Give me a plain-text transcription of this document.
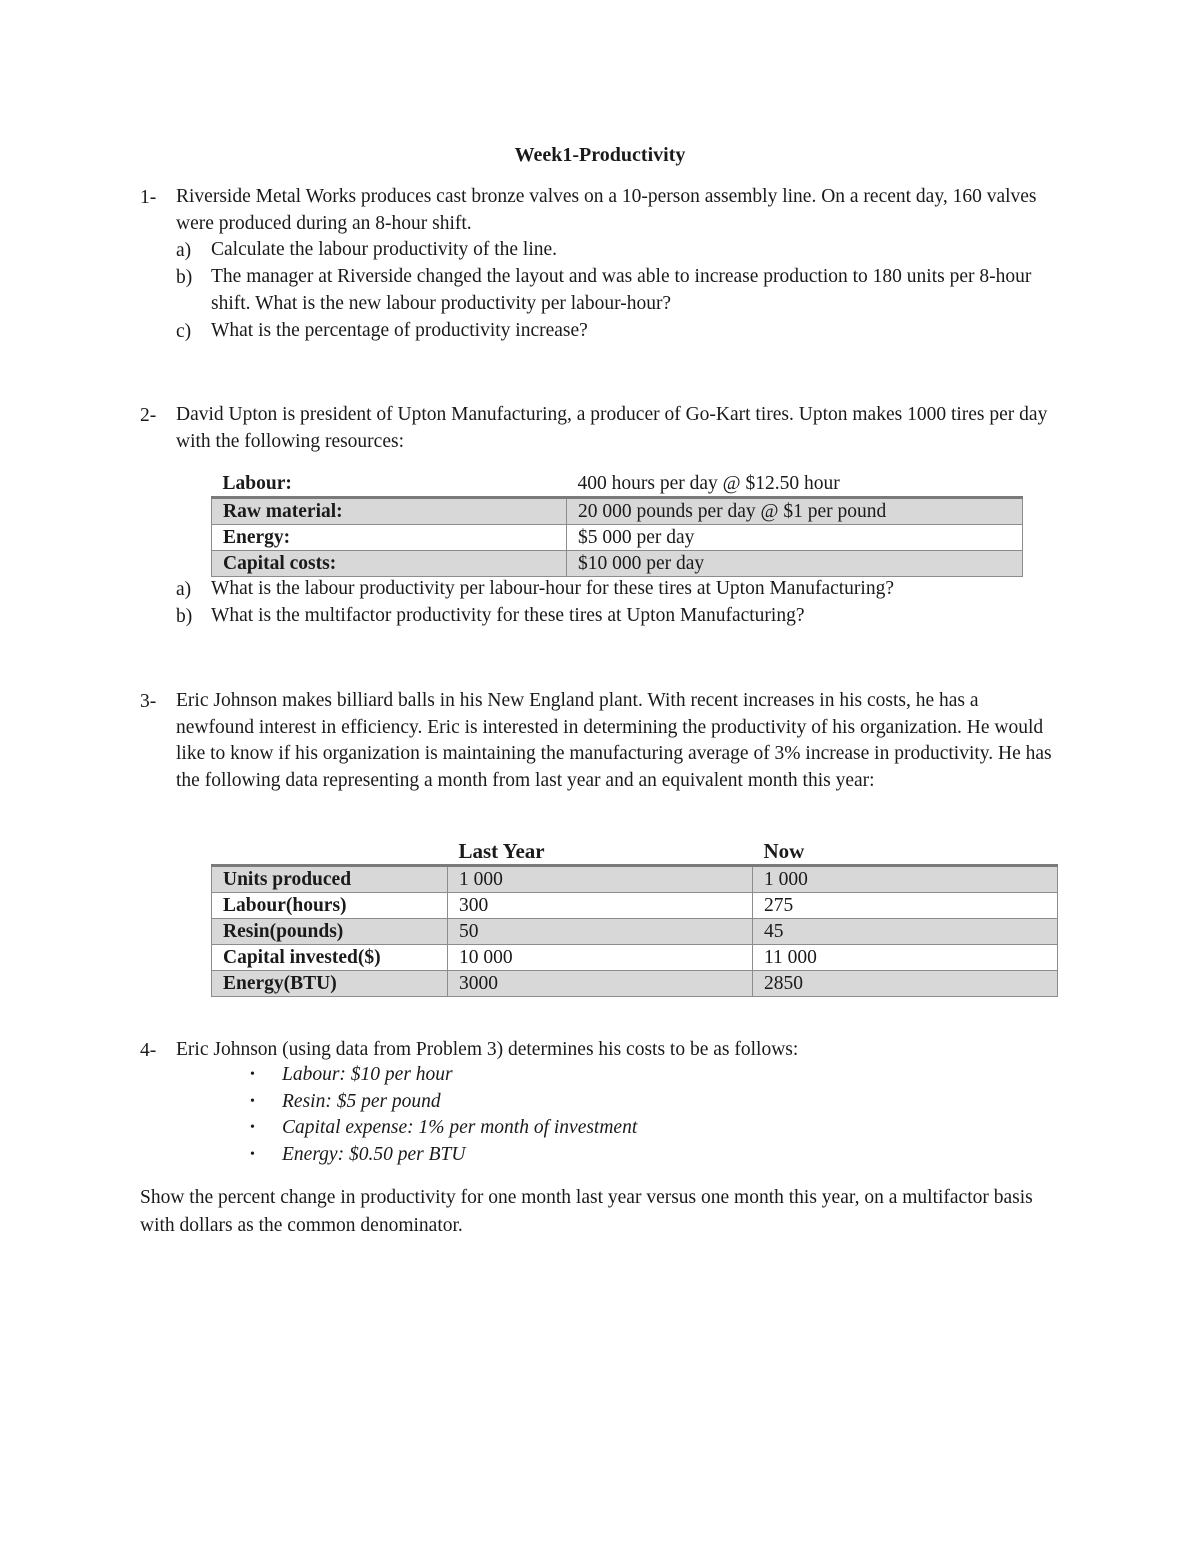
Week1-Productivity
1- Riverside Metal Works produces cast bronze valves on a 10-person assembly line. On a recent day, 160 valves were produced during an 8-hour shift.
a) Calculate the labour productivity of the line.
b) The manager at Riverside changed the layout and was able to increase production to 180 units per 8-hour shift. What is the new labour productivity per labour-hour?
c) What is the percentage of productivity increase?
2- David Upton is president of Upton Manufacturing, a producer of Go-Kart tires. Upton makes 1000 tires per day with the following resources:
Labour:	400 hours per day @ $12.50 hour
Raw material:	20 000 pounds per day @ $1 per pound
Energy:	$5 000 per day
Capital costs:	$10 000 per day
a) What is the labour productivity per labour-hour for these tires at Upton Manufacturing?
b) What is the multifactor productivity for these tires at Upton Manufacturing?
3- Eric Johnson makes billiard balls in his New England plant. With recent increases in his costs, he has a newfound interest in efficiency. Eric is interested in determining the productivity of his organization. He would like to know if his organization is maintaining the manufacturing average of 3% increase in productivity. He has the following data representing a month from last year and an equivalent month this year:
	Last Year	Now
Units produced	1 000	1 000
Labour(hours)	300	275
Resin(pounds)	50	45
Capital invested($)	10 000	11 000
Energy(BTU)	3000	2850
4- Eric Johnson (using data from Problem 3) determines his costs to be as follows:
• Labour: $10 per hour
• Resin: $5 per pound
• Capital expense: 1% per month of investment
• Energy: $0.50 per BTU
Show the percent change in productivity for one month last year versus one month this year, on a multifactor basis with dollars as the common denominator.
